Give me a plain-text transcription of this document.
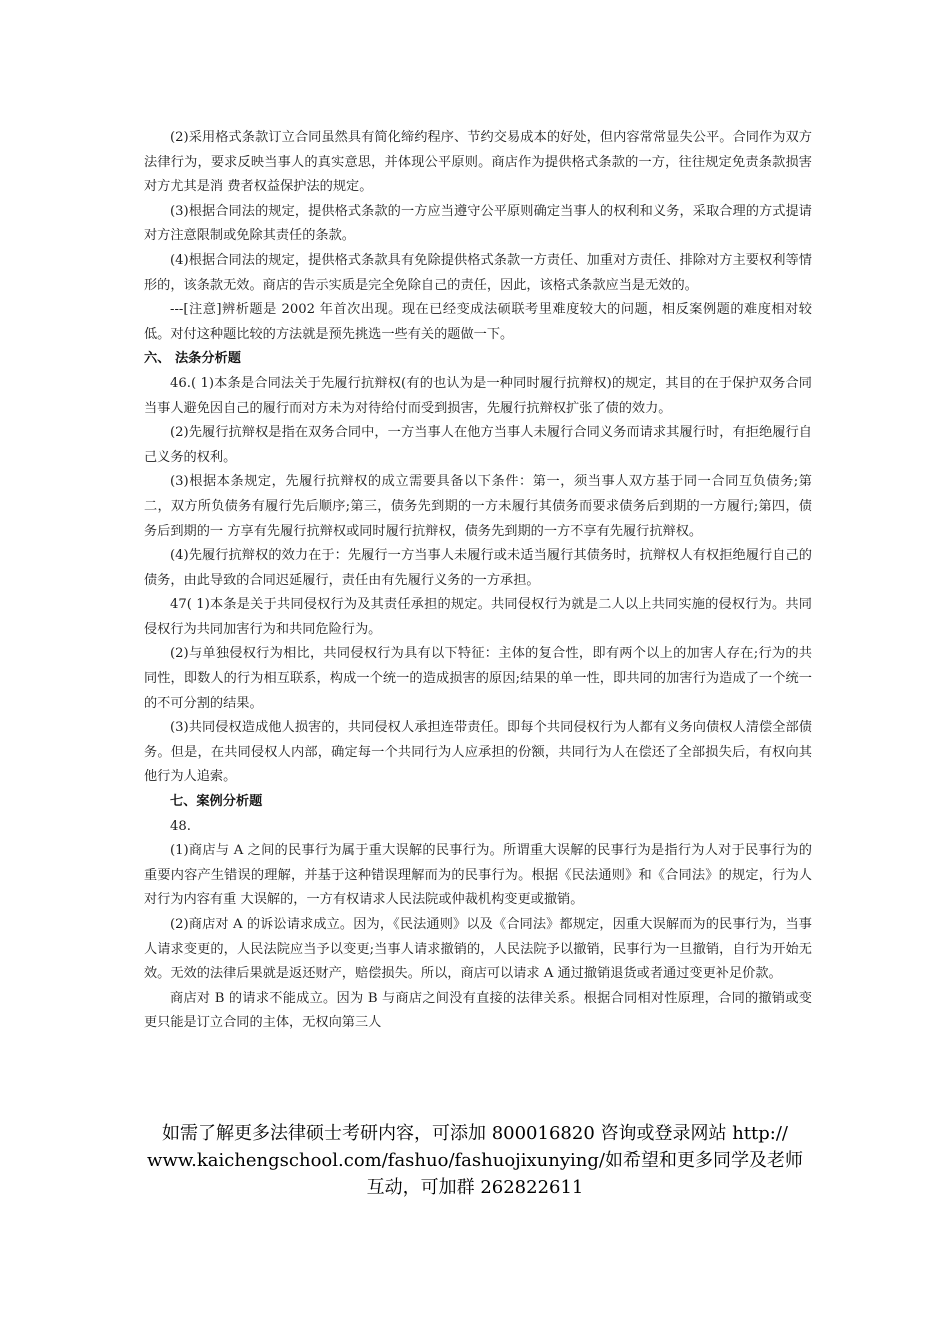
(2)采用格式条款订立合同虽然具有简化缔约程序、节约交易成本的好处，但内容常常显失公平。合同作为双方法律行为，要求反映当事人的真实意思，并体现公平原则。商店作为提供格式条款的一方，往往规定免责条款损害对方尤其是消 费者权益保护法的规定。

(3)根据合同法的规定，提供格式条款的一方应当遵守公平原则确定当事人的权利和义务，采取合理的方式提请对方注意限制或免除其责任的条款。

(4)根据合同法的规定，提供格式条款具有免除提供格式条款一方责任、加重对方责任、排除对方主要权利等情形的，该条款无效。商店的告示实质是完全免除自己的责任，因此，该格式条款应当是无效的。

---[注意]辨析题是 2002 年首次出现。现在已经变成法硕联考里难度较大的问题，相反案例题的难度相对较低。对付这种题比较的方法就是预先挑选一些有关的题做一下。

六、 法条分析题

46.( 1)本条是合同法关于先履行抗辩权(有的也认为是一种同时履行抗辩权)的规定，其目的在于保护双务合同当事人避免因自己的履行而对方未为对待给付而受到损害，先履行抗辩权扩张了债的效力。

(2)先履行抗辩权是指在双务合同中，一方当事人在他方当事人未履行合同义务而请求其履行时，有拒绝履行自己义务的权利。

(3)根据本条规定，先履行抗辩权的成立需要具备以下条件：第一，须当事人双方基于同一合同互负债务;第二，双方所负债务有履行先后顺序;第三，债务先到期的一方未履行其债务而要求债务后到期的一方履行;第四，债务后到期的一 方享有先履行抗辩权或同时履行抗辩权，债务先到期的一方不享有先履行抗辩权。

(4)先履行抗辩权的效力在于：先履行一方当事人未履行或未适当履行其债务时，抗辩权人有权拒绝履行自己的债务，由此导致的合同迟延履行，责任由有先履行义务的一方承担。

47( 1)本条是关于共同侵权行为及其责任承担的规定。共同侵权行为就是二人以上共同实施的侵权行为。共同侵权行为共同加害行为和共同危险行为。

(2)与单独侵权行为相比，共同侵权行为具有以下特征：主体的复合性，即有两个以上的加害人存在;行为的共同性，即数人的行为相互联系，构成一个统一的造成损害的原因;结果的单一性，即共同的加害行为造成了一个统一的不可分割的结果。

(3)共同侵权造成他人损害的，共同侵权人承担连带责任。即每个共同侵权行为人都有义务向债权人清偿全部债务。但是，在共同侵权人内部，确定每一个共同行为人应承担的份额，共同行为人在偿还了全部损失后，有权向其他行为人追索。

七、案例分析题

48.

(1)商店与 A 之间的民事行为属于重大误解的民事行为。所谓重大误解的民事行为是指行为人对于民事行为的重要内容产生错误的理解，并基于这种错误理解而为的民事行为。根据《民法通则》和《合同法》的规定，行为人对行为内容有重 大误解的，一方有权请求人民法院或仲裁机构变更或撤销。

(2)商店对 A 的诉讼请求成立。因为，《民法通则》以及《合同法》都规定，因重大误解而为的民事行为，当事人请求变更的，人民法院应当予以变更;当事人请求撤销的，人民法院予以撤销，民事行为一旦撤销，自行为开始无效。无效的法律后果就是返还财产，赔偿损失。所以，商店可以请求 A 通过撤销退货或者通过变更补足价款。

商店对 B 的请求不能成立。因为 B 与商店之间没有直接的法律关系。根据合同相对性原理，合同的撤销或变更只能是订立合同的主体，无权向第三人

如需了解更多法律硕士考研内容，可添加 800016820 咨询或登录网站 http://
www.kaichengschool.com/fashuo/fashuojixunying/如希望和更多同学及老师
互动，可加群 262822611
